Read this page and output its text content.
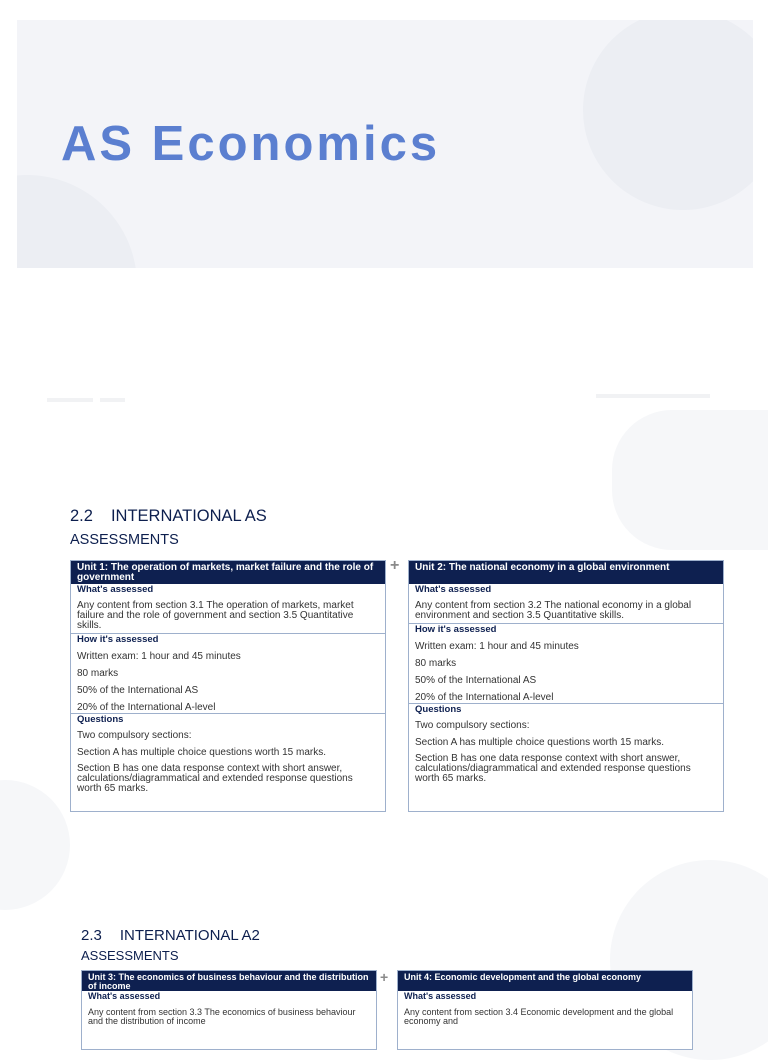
AS Economics
2.2 INTERNATIONAL AS
ASSESSMENTS
+
Unit 1: The operation of markets, market failure and the role of government
What's assessed
Any content from section 3.1 The operation of markets, market failure and the role of government and section 3.5 Quantitative skills.
How it's assessed
Written exam: 1 hour and 45 minutes
80 marks
50% of the International AS
20% of the International A-level
Questions
Two compulsory sections:
Section A has multiple choice questions worth 15 marks.
Section B has one data response context with short answer, calculations/diagrammatical and extended response questions worth 65 marks.
Unit 2: The national economy in a global environment
What's assessed
Any content from section 3.2 The national economy in a global environment and section 3.5 Quantitative skills.
How it's assessed
Written exam: 1 hour and 45 minutes
80 marks
50% of the International AS
20% of the International A-level
Questions
Two compulsory sections:
Section A has multiple choice questions worth 15 marks.
Section B has one data response context with short answer, calculations/diagrammatical and extended response questions worth 65 marks.
2.3 INTERNATIONAL A2
ASSESSMENTS
+
Unit 3: The economics of business behaviour and the distribution of income
What's assessed
Any content from section 3.3 The economics of business behaviour and the distribution of income
Unit 4: Economic development and the global economy
What's assessed
Any content from section 3.4 Economic development and the global economy and
